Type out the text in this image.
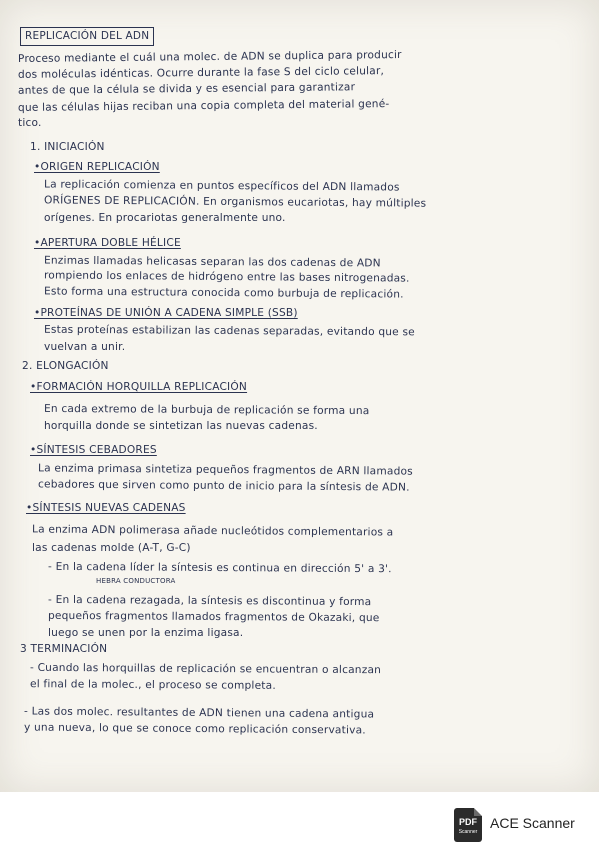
REPLICACIÓN DEL ADN
Proceso mediante el cuál una molec. de ADN se duplica para producir
dos moléculas idénticas. Ocurre durante la fase S del ciclo celular,
antes de que la célula se divida y es esencial para garantizar
que las células hijas reciban una copia completa del material gené-
tico.
1. INICIACIÓN
•ORIGEN REPLICACIÓN
La replicación comienza en puntos específicos del ADN llamados
ORÍGENES DE REPLICACIÓN. En organismos eucariotas, hay múltiples
orígenes. En procariotas generalmente uno.
•APERTURA DOBLE HÉLICE
Enzimas llamadas helicasas separan las dos cadenas de ADN
rompiendo los enlaces de hidrógeno entre las bases nitrogenadas.
Esto forma una estructura conocida como burbuja de replicación.
•PROTEÍNAS DE UNIÓN A CADENA SIMPLE (SSB)
Estas proteínas estabilizan las cadenas separadas, evitando que se
vuelvan a unir.
2. ELONGACIÓN
•FORMACIÓN HORQUILLA REPLICACIÓN
En cada extremo de la burbuja de replicación se forma una
horquilla donde se sintetizan las nuevas cadenas.
•SÍNTESIS CEBADORES
La enzima primasa sintetiza pequeños fragmentos de ARN llamados
cebadores que sirven como punto de inicio para la síntesis de ADN.
•SÍNTESIS NUEVAS CADENAS
La enzima ADN polimerasa añade nucleótidos complementarios a
las cadenas molde (A-T, G-C)
- En la cadena líder la síntesis es continua en dirección 5' a 3'.
HEBRA CONDUCTORA
- En la cadena rezagada, la síntesis es discontinua y forma
pequeños fragmentos llamados fragmentos de Okazaki, que
luego se unen por la enzima ligasa.
3 TERMINACIÓN
- Cuando las horquillas de replicación se encuentran o alcanzan
el final de la molec., el proceso se completa.
- Las dos molec. resultantes de ADN tienen una cadena antigua
y una nueva, lo que se conoce como replicación conservativa.
PDF
Scanner
ACE Scanner
